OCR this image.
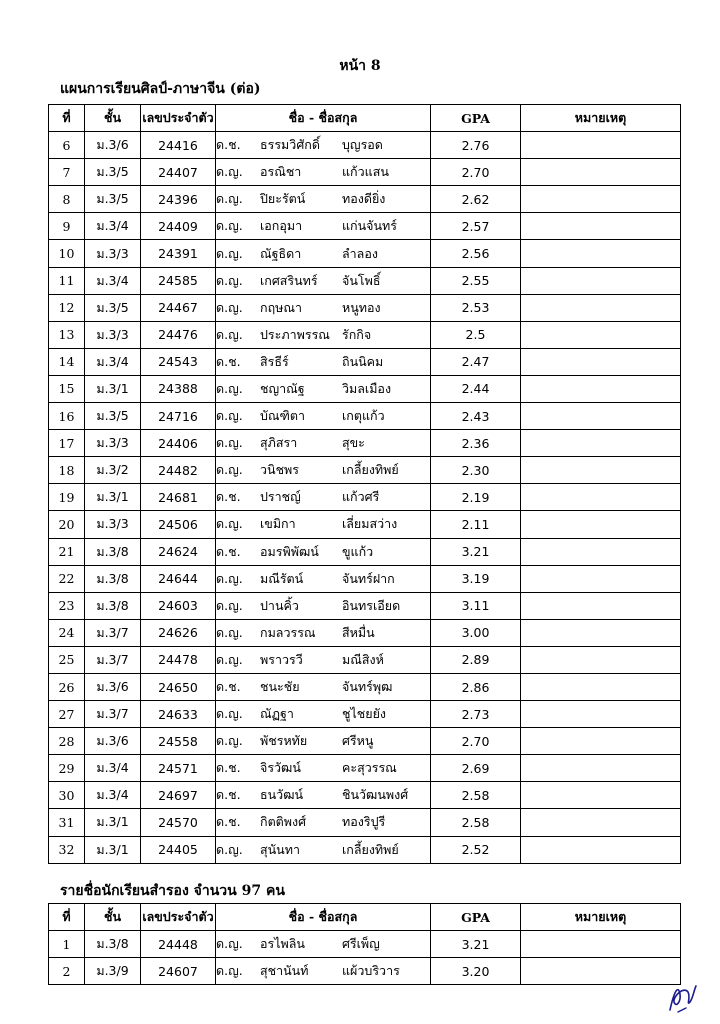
หน้า 8
แผนการเรียนศิลป์-ภาษาจีน (ต่อ)
ที่	ชั้น	เลขประจำตัว	ชื่อ - ชื่อสกุล	GPA	หมายเหตุ
6	ม.3/6	24416	ด.ช. ธรรมวิศักดิ์ บุญรอด	2.76	
7	ม.3/5	24407	ด.ญ. อรณิชา แก้วแสน	2.70	
8	ม.3/5	24396	ด.ญ. ปิยะรัตน์ ทองดียิ่ง	2.62	
9	ม.3/4	24409	ด.ญ. เอกอุมา แก่นจันทร์	2.57	
10	ม.3/3	24391	ด.ญ. ณัฐธิดา ลำลอง	2.56	
11	ม.3/4	24585	ด.ญ. เกศสรินทร์ จันโพธิ์	2.55	
12	ม.3/5	24467	ด.ญ. กฤษณา หนูทอง	2.53	
13	ม.3/3	24476	ด.ญ. ประภาพรรณ รักกิจ	2.5	
14	ม.3/4	24543	ด.ช. สิรธีร์ ถินนิคม	2.47	
15	ม.3/1	24388	ด.ญ. ชญาณัฐ วิมลเมือง	2.44	
16	ม.3/5	24716	ด.ญ. บัณฑิตา เกตุแก้ว	2.43	
17	ม.3/3	24406	ด.ญ. สุภิสรา สุขะ	2.36	
18	ม.3/2	24482	ด.ญ. วนิชพร เกลี้ยงทิพย์	2.30	
19	ม.3/1	24681	ด.ช. ปราชญ์ แก้วศรี	2.19	
20	ม.3/3	24506	ด.ญ. เขมิกา เลี่ยมสว่าง	2.11	
21	ม.3/8	24624	ด.ช. อมรพิพัฒน์ ขูแก้ว	3.21	
22	ม.3/8	24644	ด.ญ. มณีรัตน์ จันทร์ฝาก	3.19	
23	ม.3/8	24603	ด.ญ. ปานคิ้ว อินทรเอียด	3.11	
24	ม.3/7	24626	ด.ญ. กมลวรรณ สีหมื่น	3.00	
25	ม.3/7	24478	ด.ญ. พราวรวี มณีสิงห์	2.89	
26	ม.3/6	24650	ด.ช. ชนะชัย จันทร์พุฒ	2.86	
27	ม.3/7	24633	ด.ญ. ณัฏฐา ชูไชยยัง	2.73	
28	ม.3/6	24558	ด.ญ. พัชรหทัย ศรีหนู	2.70	
29	ม.3/4	24571	ด.ช. จิรวัฒน์ คะสุวรรณ	2.69	
30	ม.3/4	24697	ด.ช. ธนวัฒน์ ชินวัฒนพงศ์	2.58	
31	ม.3/1	24570	ด.ช. กิตติพงศ์ ทองริปูรี	2.58	
32	ม.3/1	24405	ด.ญ. สุนันทา เกลี้ยงทิพย์	2.52	
รายชื่อนักเรียนสำรอง จำนวน 97 คน
ที่	ชั้น	เลขประจำตัว	ชื่อ - ชื่อสกุล	GPA	หมายเหตุ
1	ม.3/8	24448	ด.ญ. อรไพลิน ศรีเพ็ญ	3.21	
2	ม.3/9	24607	ด.ญ. สุชานันท์ แผ้วบริวาร	3.20	
